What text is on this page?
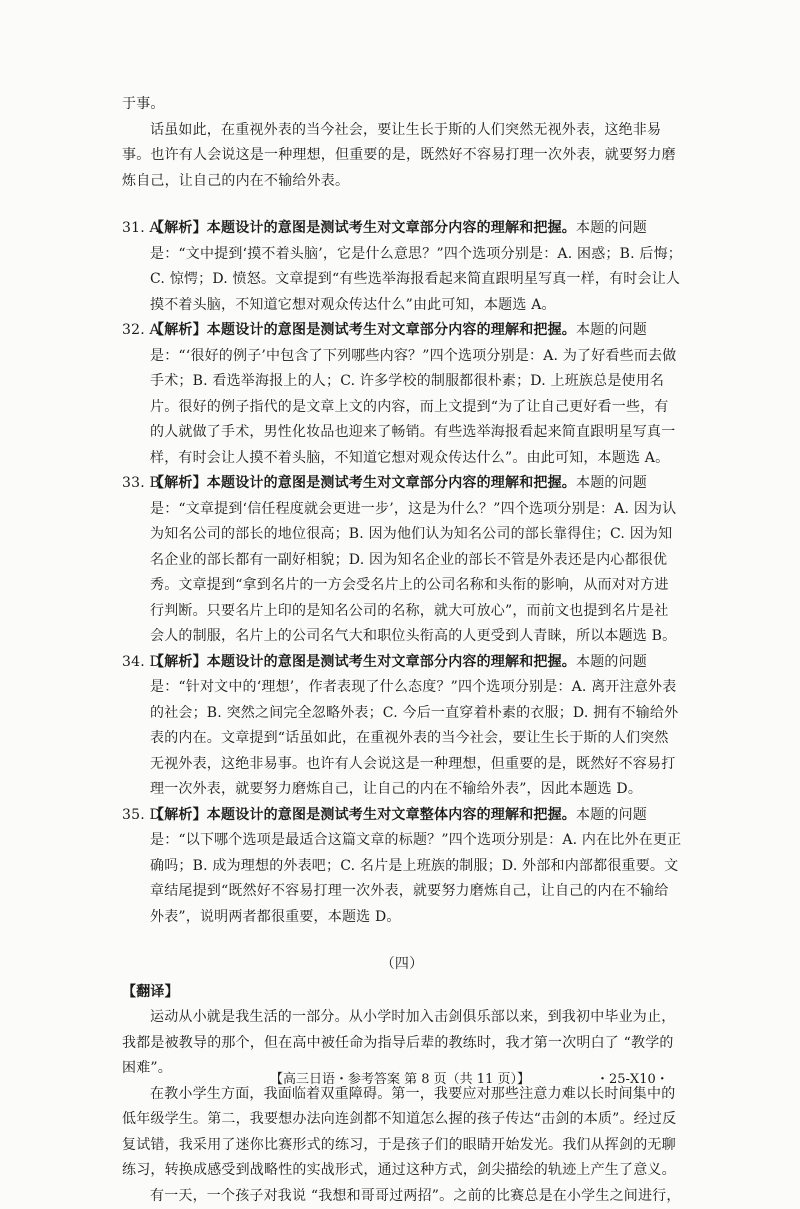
于事。

话虽如此，在重视外表的当今社会，要让生长于斯的人们突然无视外表，这绝非易事。也许有人会说这是一种理想，但重要的是，既然好不容易打理一次外表，就要努力磨炼自己，让自己的内在不输给外表。

31. A
【解析】本题设计的意图是测试考生对文章部分内容的理解和把握。本题的问题是：“文中提到‘摸不着头脑’，它是什么意思？”四个选项分别是：A. 困惑；B. 后悔；C. 惊愕；D. 愤怒。文章提到“有些选举海报看起来简直跟明星写真一样，有时会让人摸不着头脑，不知道它想对观众传达什么”由此可知，本题选 A。

32. A
【解析】本题设计的意图是测试考生对文章部分内容的理解和把握。本题的问题是：“‘很好的例子’中包含了下列哪些内容？”四个选项分别是：A. 为了好看些而去做手术；B. 看选举海报上的人；C. 许多学校的制服都很朴素；D. 上班族总是使用名片。很好的例子指代的是文章上文的内容，而上文提到“为了让自己更好看一些，有的人就做了手术，男性化妆品也迎来了畅销。有些选举海报看起来简直跟明星写真一样，有时会让人摸不着头脑，不知道它想对观众传达什么”。由此可知，本题选 A。

33. B
【解析】本题设计的意图是测试考生对文章部分内容的理解和把握。本题的问题是：“文章提到‘信任程度就会更进一步’，这是为什么？”四个选项分别是：A. 因为认为知名公司的部长的地位很高；B. 因为他们认为知名公司的部长靠得住；C. 因为知名企业的部长都有一副好相貌；D. 因为知名企业的部长不管是外表还是内心都很优秀。文章提到“拿到名片的一方会受名片上的公司名称和头衔的影响，从而对对方进行判断。只要名片上印的是知名公司的名称，就大可放心”，而前文也提到名片是社会人的制服，名片上的公司名气大和职位头衔高的人更受到人青睐，所以本题选 B。

34. D
【解析】本题设计的意图是测试考生对文章部分内容的理解和把握。本题的问题是：“针对文中的‘理想’，作者表现了什么态度？”四个选项分别是：A. 离开注意外表的社会；B. 突然之间完全忽略外表；C. 今后一直穿着朴素的衣服；D. 拥有不输给外表的内在。文章提到“话虽如此，在重视外表的当今社会，要让生长于斯的人们突然无视外表，这绝非易事。也许有人会说这是一种理想，但重要的是，既然好不容易打理一次外表，就要努力磨炼自己，让自己的内在不输给外表”，因此本题选 D。

35. D
【解析】本题设计的意图是测试考生对文章整体内容的理解和把握。本题的问题是：“以下哪个选项是最适合这篇文章的标题？”四个选项分别是：A. 内在比外在更正确吗；B. 成为理想的外表吧；C. 名片是上班族的制服；D. 外部和内部都很重要。文章结尾提到“既然好不容易打理一次外表，就要努力磨炼自己，让自己的内在不输给外表”，说明两者都很重要，本题选 D。

（四）

【翻译】

运动从小就是我生活的一部分。从小学时加入击剑俱乐部以来，到我初中毕业为止，我都是被教导的那个，但在高中被任命为指导后辈的教练时，我才第一次明白了 “教学的困难”。

在教小学生方面，我面临着双重障碍。第一，我要应对那些注意力难以长时间集中的低年级学生。第二，我要想办法向连剑都不知道怎么握的孩子传达“击剑的本质”。经过反复试错，我采用了迷你比赛形式的练习，于是孩子们的眼睛开始发光。我们从挥剑的无聊练习，转换成感受到战略性的实战形式，通过这种方式，剑尖描绘的轨迹上产生了意义。

有一天，一个孩子对我说 “我想和哥哥过两招”。之前的比赛总是在小学生之间进行，

【高三日语・参考答案 第 8 页（共 11 页）】	・25-X10・
